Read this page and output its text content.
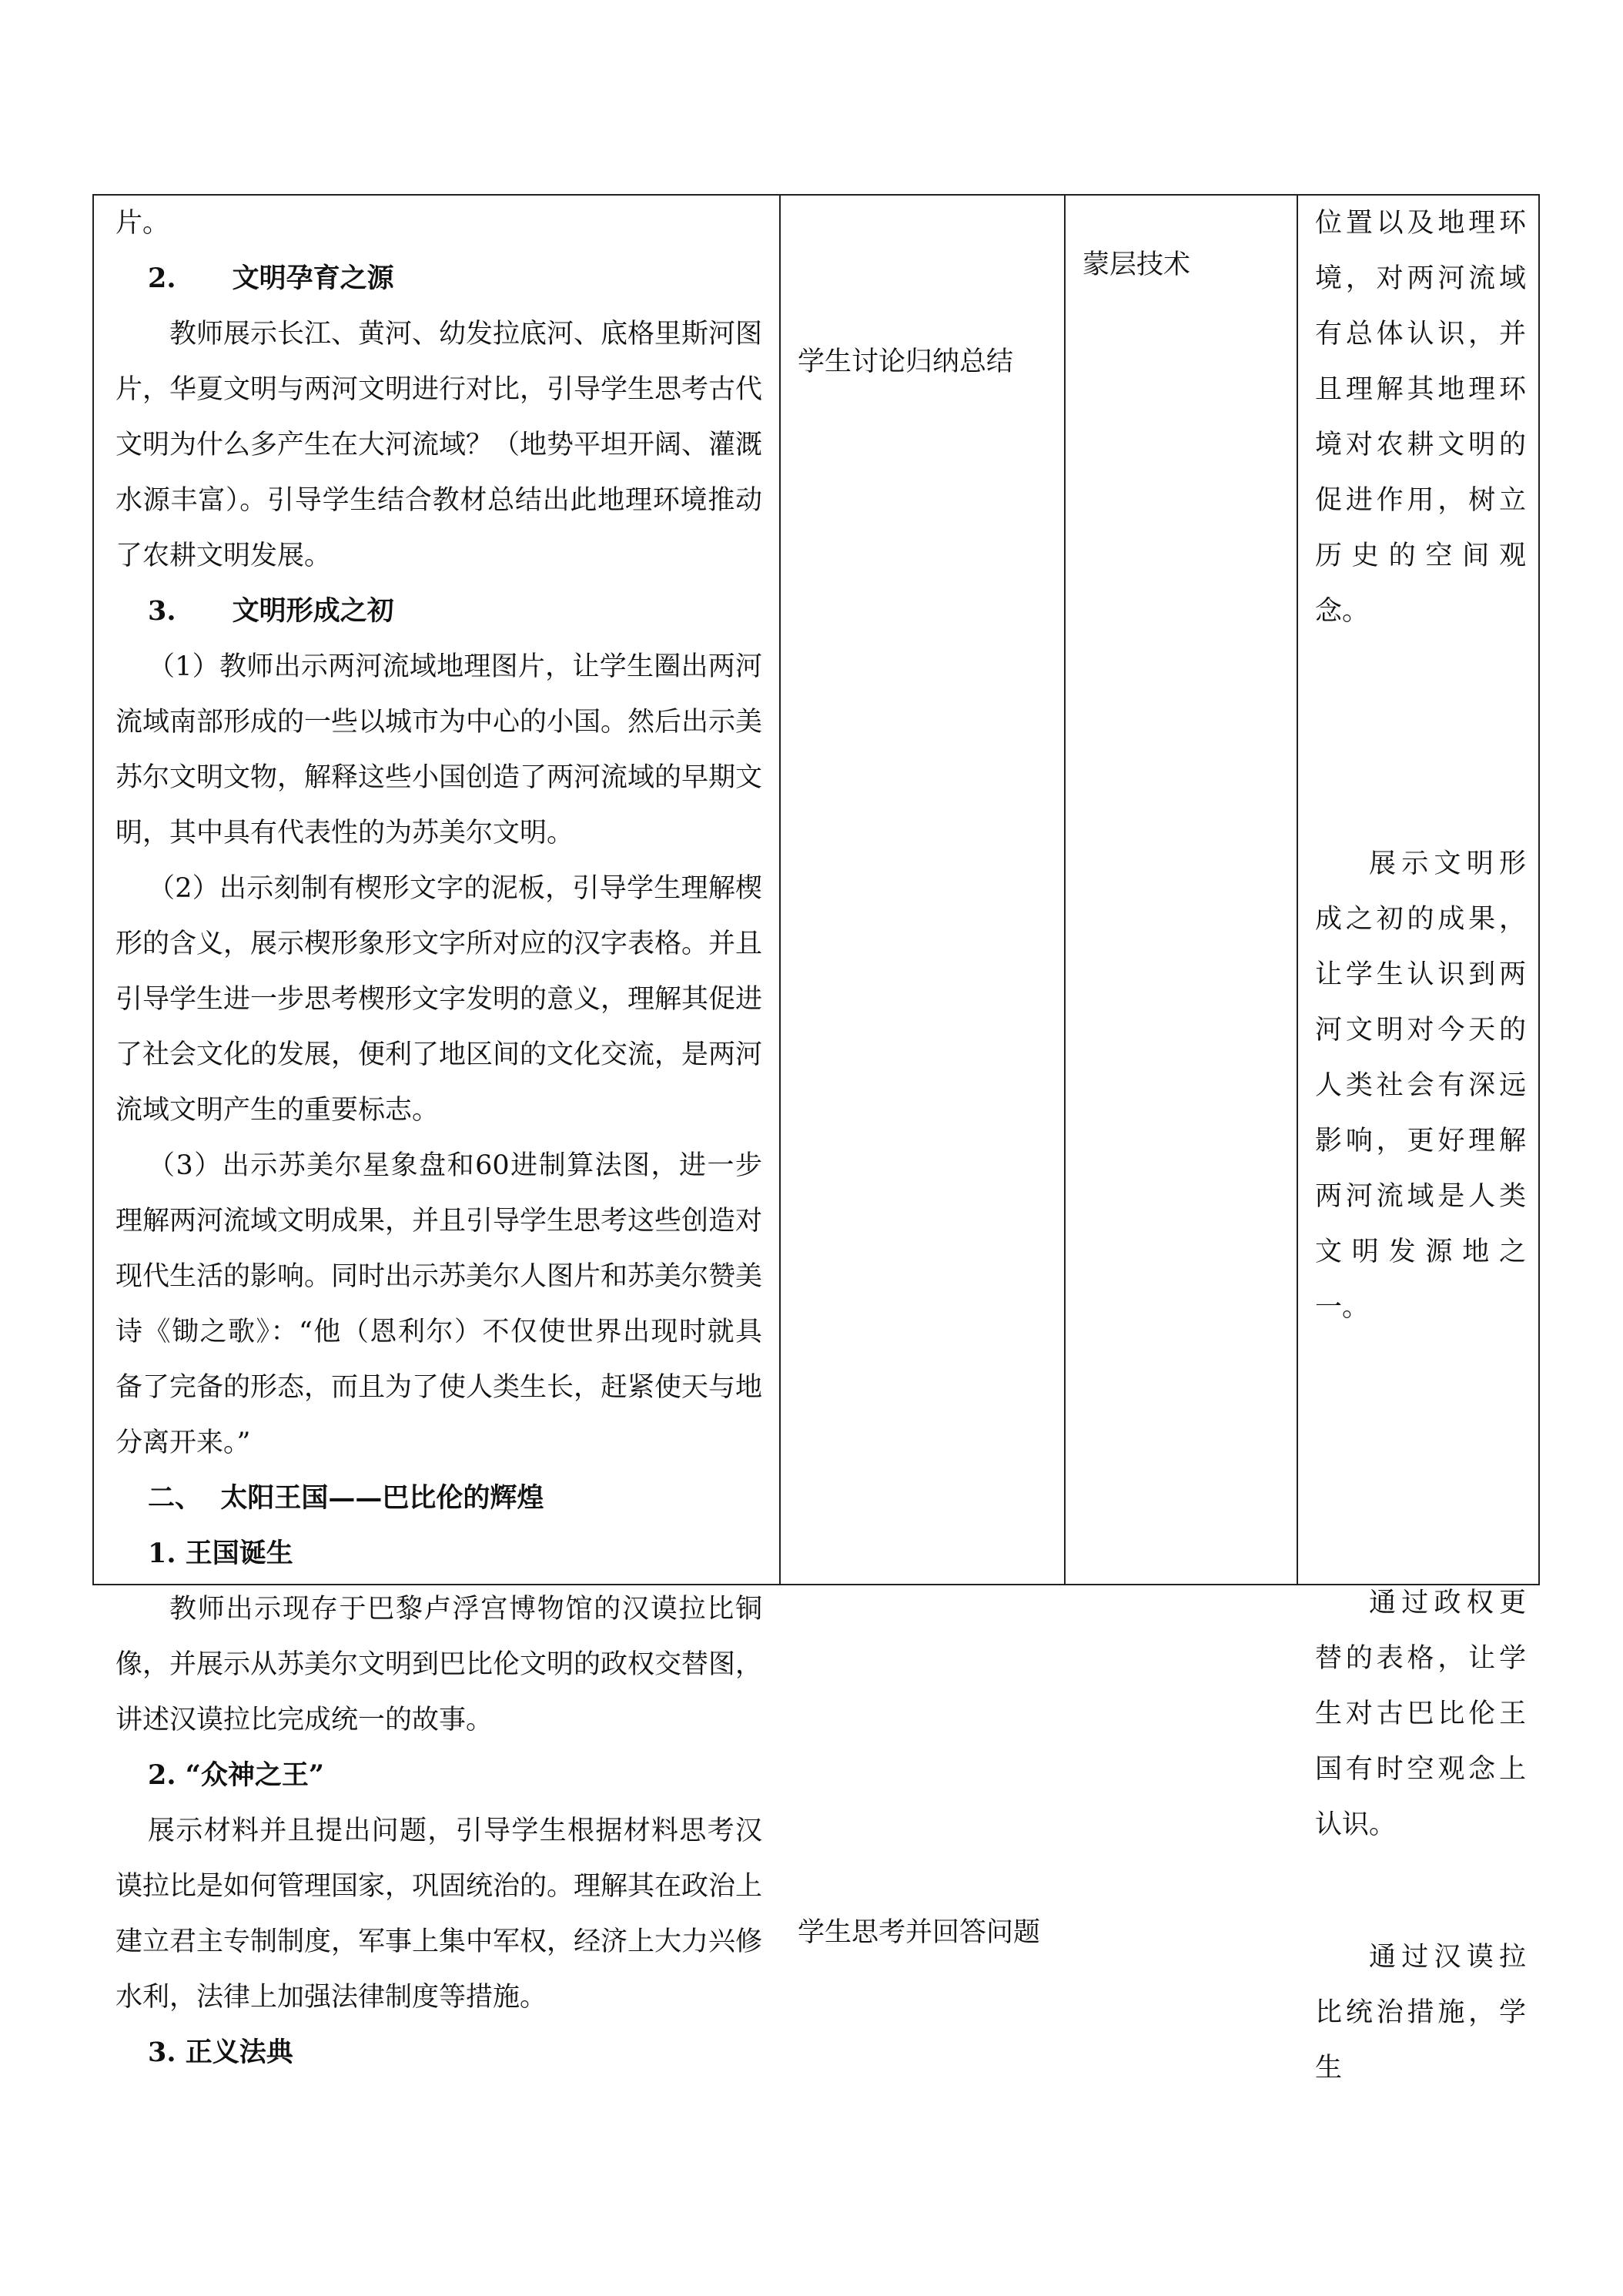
片。

2.      文明孕育之源

教师展示长江、黄河、幼发拉底河、底格里斯河图片，华夏文明与两河文明进行对比，引导学生思考古代文明为什么多产生在大河流域？（地势平坦开阔、灌溉水源丰富）。引导学生结合教材总结出此地理环境推动了农耕文明发展。

3.      文明形成之初

（1）教师出示两河流域地理图片，让学生圈出两河流域南部形成的一些以城市为中心的小国。然后出示美苏尔文明文物，解释这些小国创造了两河流域的早期文明，其中具有代表性的为苏美尔文明。

（2）出示刻制有楔形文字的泥板，引导学生理解楔形的含义，展示楔形象形文字所对应的汉字表格。并且引导学生进一步思考楔形文字发明的意义，理解其促进了社会文化的发展，便利了地区间的文化交流，是两河流域文明产生的重要标志。

（3）出示苏美尔星象盘和60进制算法图，进一步理解两河流域文明成果，并且引导学生思考这些创造对现代生活的影响。同时出示苏美尔人图片和苏美尔赞美诗《锄之歌》：“他（恩利尔）不仅使世界出现时就具备了完备的形态，而且为了使人类生长，赶紧使天与地分离开来。”

二、  太阳王国——巴比伦的辉煌

1. 王国诞生

教师出示现存于巴黎卢浮宫博物馆的汉谟拉比铜像，并展示从苏美尔文明到巴比伦文明的政权交替图，讲述汉谟拉比完成统一的故事。

2. “众神之王”

展示材料并且提出问题，引导学生根据材料思考汉谟拉比是如何管理国家，巩固统治的。理解其在政治上建立君主专制制度，军事上集中军权，经济上大力兴修水利，法律上加强法律制度等措施。

3. 正义法典

学生讨论归纳总结

学生思考并回答问题

蒙层技术

位置以及地理环境，对两河流域有总体认识，并且理解其地理环境对农耕文明的促进作用，树立历史的空间观念。

展示文明形成之初的成果，让学生认识到两河文明对今天的人类社会有深远影响，更好理解两河流域是人类文明发源地之一。

通过政权更替的表格，让学生对古巴比伦王国有时空观念上认识。

通过汉谟拉比统治措施，学生
